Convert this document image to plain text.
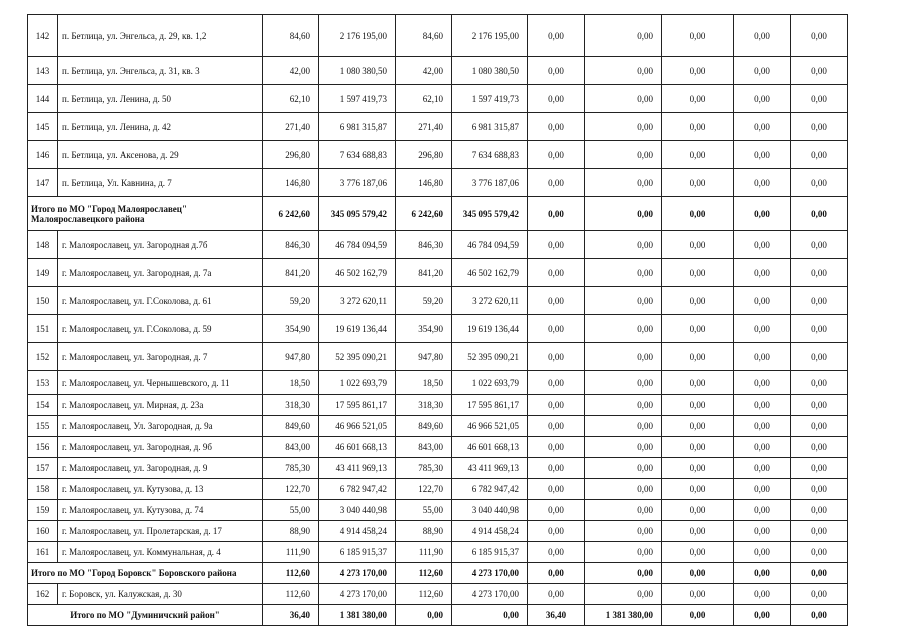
142	п. Бетлица, ул. Энгельса, д. 29, кв. 1,2	84,60	2 176 195,00	84,60	2 176 195,00	0,00	0,00	0,00	0,00	0,00
143	п. Бетлица, ул. Энгельса, д. 31, кв. 3	42,00	1 080 380,50	42,00	1 080 380,50	0,00	0,00	0,00	0,00	0,00
144	п. Бетлица, ул. Ленина, д. 50	62,10	1 597 419,73	62,10	1 597 419,73	0,00	0,00	0,00	0,00	0,00
145	п. Бетлица, ул. Ленина, д. 42	271,40	6 981 315,87	271,40	6 981 315,87	0,00	0,00	0,00	0,00	0,00
146	п. Бетлица, ул. Аксенова, д. 29	296,80	7 634 688,83	296,80	7 634 688,83	0,00	0,00	0,00	0,00	0,00
147	п. Бетлица, Ул. Кавнина, д. 7	146,80	3 776 187,06	146,80	3 776 187,06	0,00	0,00	0,00	0,00	0,00
Итого по МО "Город Малоярославец" Малоярославецкого района		6 242,60	345 095 579,42	6 242,60	345 095 579,42	0,00	0,00	0,00	0,00	0,00
148	г. Малоярославец, ул. Загородная д.7б	846,30	46 784 094,59	846,30	46 784 094,59	0,00	0,00	0,00	0,00	0,00
149	г. Малоярославец, ул. Загородная, д. 7а	841,20	46 502 162,79	841,20	46 502 162,79	0,00	0,00	0,00	0,00	0,00
150	г. Малоярославец, ул. Г.Соколова, д. 61	59,20	3 272 620,11	59,20	3 272 620,11	0,00	0,00	0,00	0,00	0,00
151	г. Малоярославец, ул. Г.Соколова, д. 59	354,90	19 619 136,44	354,90	19 619 136,44	0,00	0,00	0,00	0,00	0,00
152	г. Малоярославец, ул. Загородная, д. 7	947,80	52 395 090,21	947,80	52 395 090,21	0,00	0,00	0,00	0,00	0,00
153	г. Малоярославец, ул. Чернышевского, д. 11	18,50	1 022 693,79	18,50	1 022 693,79	0,00	0,00	0,00	0,00	0,00
154	г. Малоярославец, ул. Мирная, д. 23а	318,30	17 595 861,17	318,30	17 595 861,17	0,00	0,00	0,00	0,00	0,00
155	г. Малоярославец, Ул. Загородная, д. 9а	849,60	46 966 521,05	849,60	46 966 521,05	0,00	0,00	0,00	0,00	0,00
156	г. Малоярославец, ул. Загородная, д. 9б	843,00	46 601 668,13	843,00	46 601 668,13	0,00	0,00	0,00	0,00	0,00
157	г. Малоярославец, ул. Загородная, д. 9	785,30	43 411 969,13	785,30	43 411 969,13	0,00	0,00	0,00	0,00	0,00
158	г. Малоярославец, ул. Кутузова, д. 13	122,70	6 782 947,42	122,70	6 782 947,42	0,00	0,00	0,00	0,00	0,00
159	г. Малоярославец, ул. Кутузова, д. 74	55,00	3 040 440,98	55,00	3 040 440,98	0,00	0,00	0,00	0,00	0,00
160	г. Малоярославец, ул. Пролетарская, д. 17	88,90	4 914 458,24	88,90	4 914 458,24	0,00	0,00	0,00	0,00	0,00
161	г. Малоярославец, ул. Коммунальная, д. 4	111,90	6 185 915,37	111,90	6 185 915,37	0,00	0,00	0,00	0,00	0,00
Итого по МО "Город Боровск" Боровского района		112,60	4 273 170,00	112,60	4 273 170,00	0,00	0,00	0,00	0,00	0,00
162	г. Боровск, ул. Калужская, д. 30	112,60	4 273 170,00	112,60	4 273 170,00	0,00	0,00	0,00	0,00	0,00
Итого по МО "Думиничский район"		36,40	1 381 380,00	0,00	0,00	36,40	1 381 380,00	0,00	0,00	0,00
